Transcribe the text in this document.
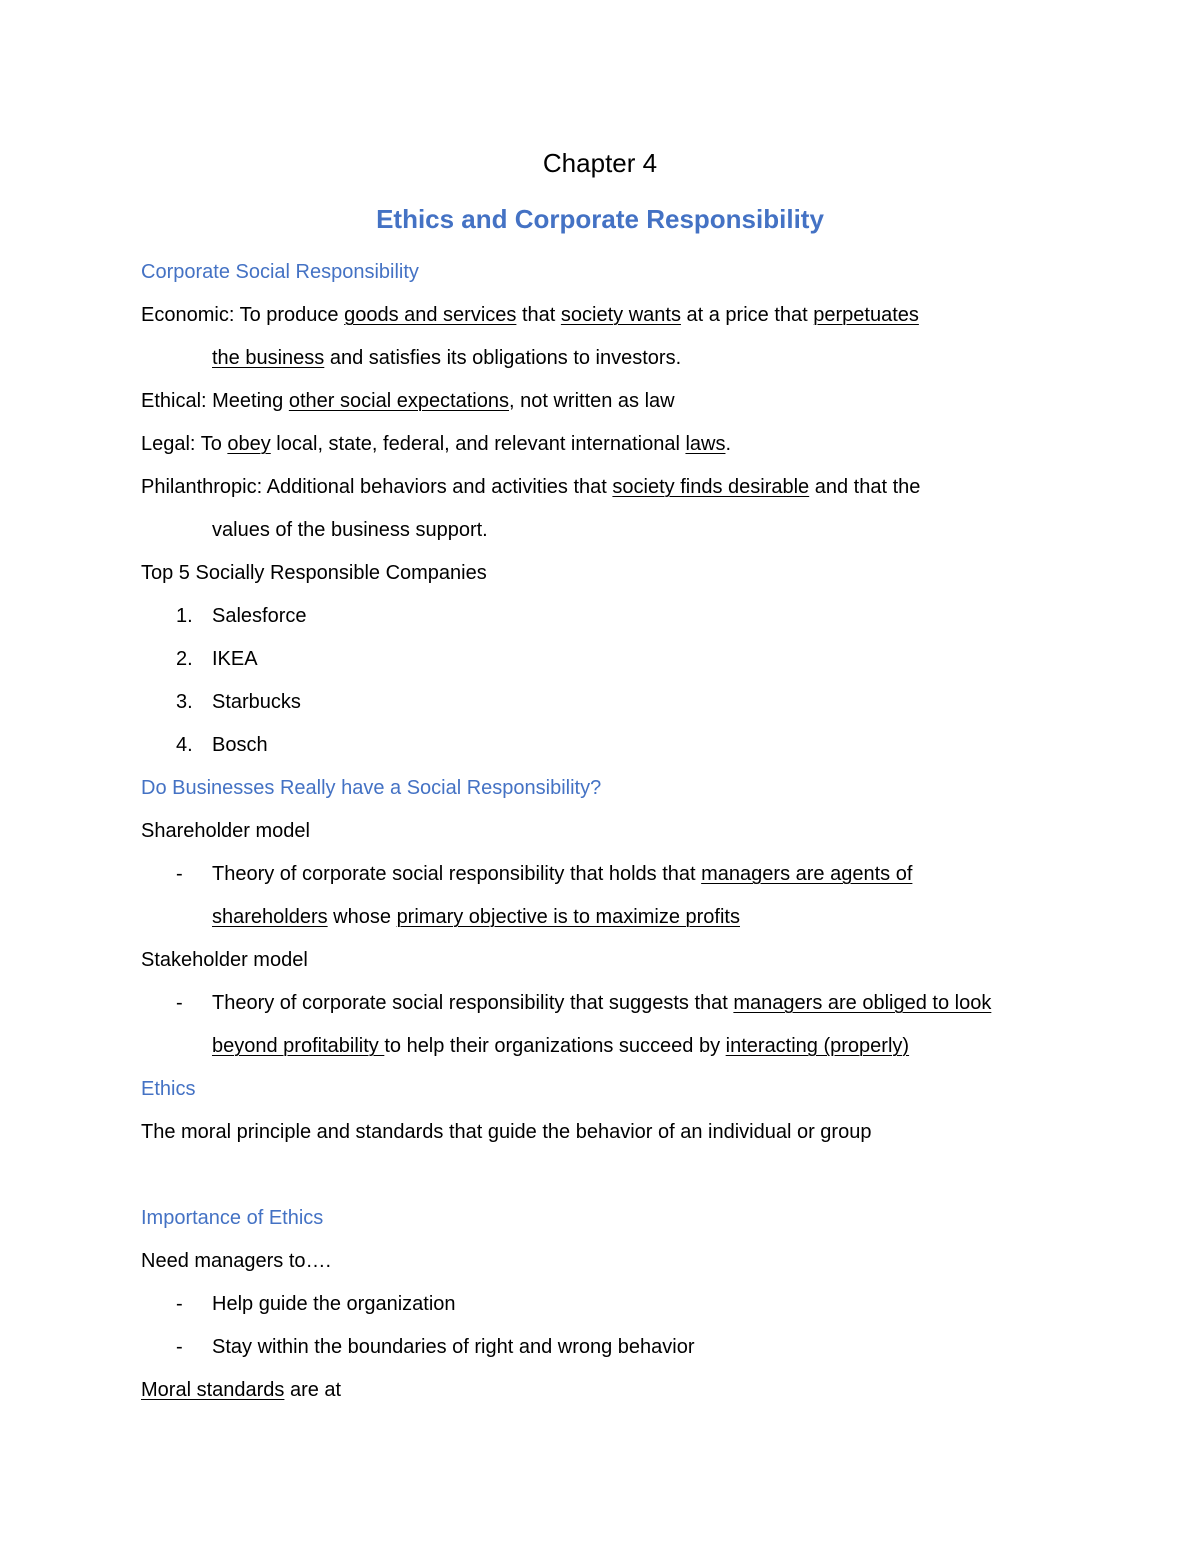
Chapter 4
Ethics and Corporate Responsibility
Corporate Social Responsibility
Economic: To produce goods and services that society wants at a price that perpetuates
the business and satisfies its obligations to investors.
Ethical: Meeting other social expectations, not written as law
Legal: To obey local, state, federal, and relevant international laws.
Philanthropic: Additional behaviors and activities that society finds desirable and that the
values of the business support.
Top 5 Socially Responsible Companies
1. Salesforce
2. IKEA
3. Starbucks
4. Bosch
Do Businesses Really have a Social Responsibility?
Shareholder model
- Theory of corporate social responsibility that holds that managers are agents of
shareholders whose primary objective is to maximize profits
Stakeholder model
- Theory of corporate social responsibility that suggests that managers are obliged to look
beyond profitability to help their organizations succeed by interacting (properly)
Ethics
The moral principle and standards that guide the behavior of an individual or group
Importance of Ethics
Need managers to….
- Help guide the organization
- Stay within the boundaries of right and wrong behavior
Moral standards are at
